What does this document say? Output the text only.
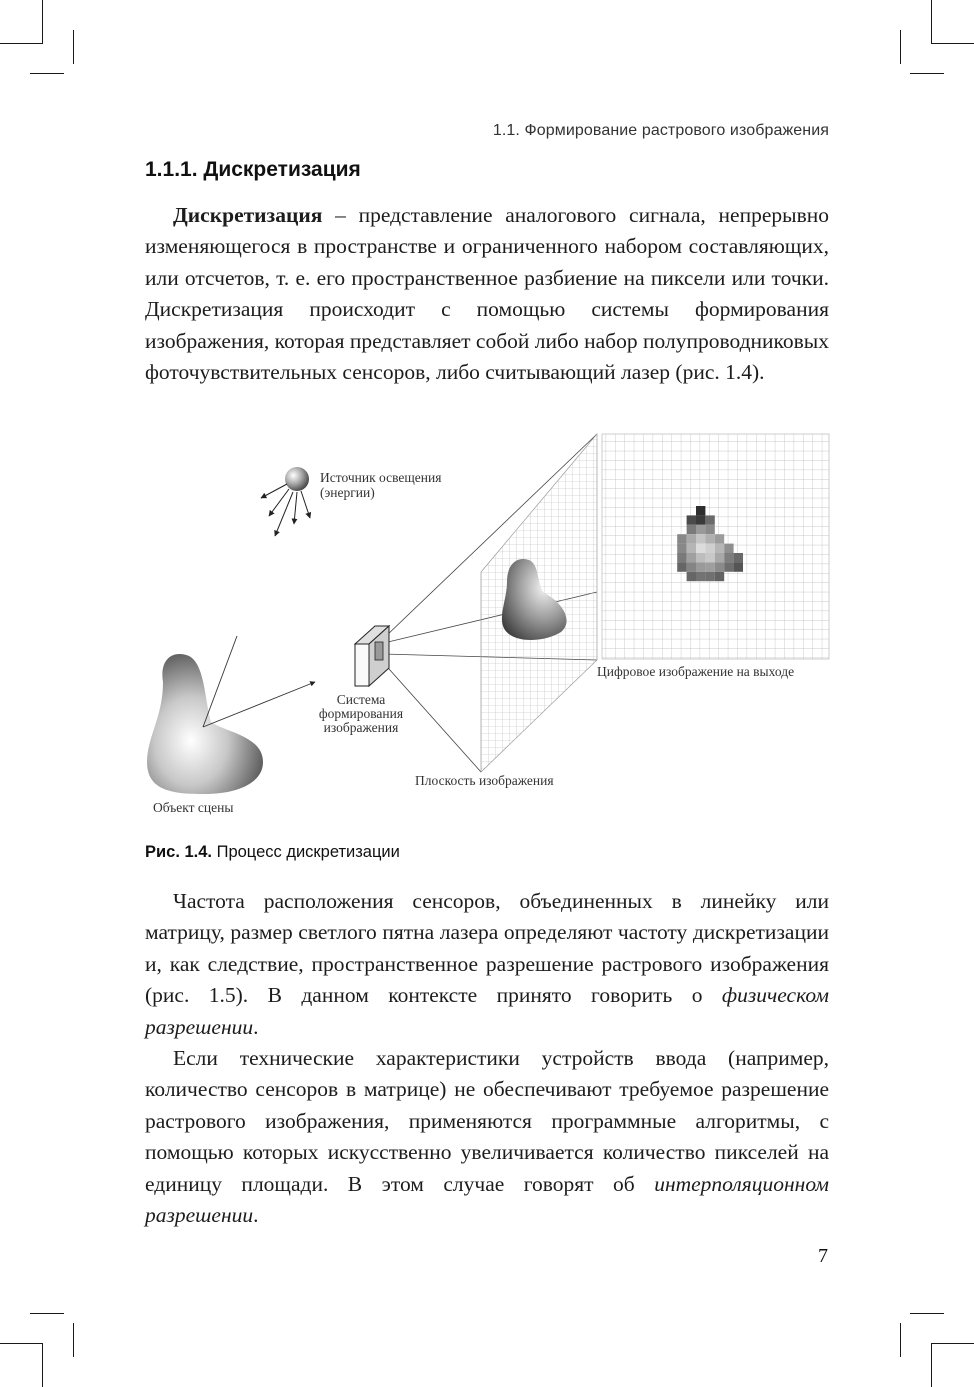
1.1. Формирование растрового изображения
1.1.1. Дискретизация

Дискретизация – представление аналогового сигнала, непрерывно изменяющегося в пространстве и ограниченного набором составляющих, или отсчетов, т. е. его пространственное разбиение на пиксели или точки. Дискретизация происходит с помощью системы формирования изображения, которая представляет собой либо набор полупроводниковых фоточувствительных сенсоров, либо считывающий лазер (рис. 1.4).

Источник освещения
(энергии)
Цифровое изображение на выходе
Система
формирования
изображения
Плоскость изображения
Объект сцены
Рис. 1.4. Процесс дискретизации

Частота расположения сенсоров, объединенных в линейку или матрицу, размер светлого пятна лазера определяют частоту дискретизации и, как следствие, пространственное разрешение растрового изображения (рис. 1.5). В данном контексте принято говорить о физическом разрешении.

Если технические характеристики устройств ввода (например, количество сенсоров в матрице) не обеспечивают требуемое разрешение растрового изображения, применяются программные алгоритмы, с помощью которых искусственно увеличивается количество пикселей на единицу площади. В этом случае говорят об интерполяционном разрешении.

7
